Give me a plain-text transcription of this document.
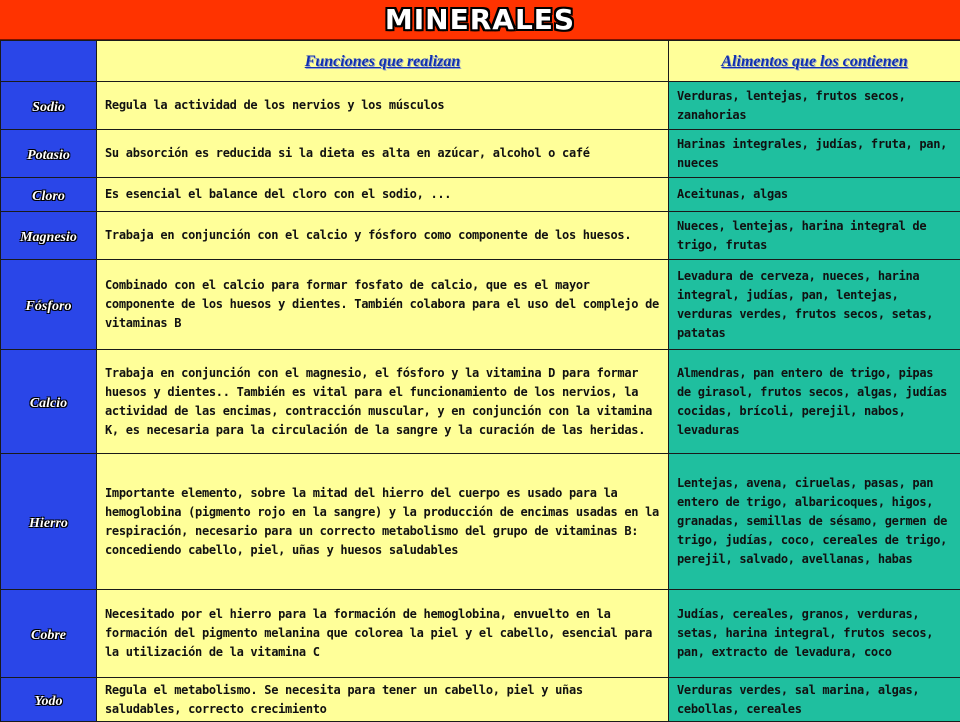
MINERALES
	Funciones que realizan	Alimentos que los contienen
Sodio	Regula la actividad de los nervios y los músculos	Verduras, lentejas, frutos secos, zanahorias

Potasio	Su absorción es reducida si la dieta es alta en azúcar, alcohol o café	Harinas integrales, judías, fruta, pan, nueces

Cloro	Es esencial el balance del cloro con el sodio, ...	Aceitunas, algas

Magnesio	Trabaja en conjunción con el calcio y fósforo como componente de los huesos.	Nueces, lentejas, harina integral de trigo, frutas

Fósforo	Combinado con el calcio para formar fosfato de calcio, que es el mayor componente de los huesos y dientes. También colabora para el uso del complejo de vitaminas B	Levadura de cerveza, nueces, harina integral, judías, pan, lentejas, verduras verdes, frutos secos, setas, patatas

Calcio	Trabaja en conjunción con el magnesio, el fósforo y la vitamina D para formar huesos y dientes.. También es vital para el funcionamiento de los nervios, la actividad de las encimas, contracción muscular, y en conjunción con la vitamina K, es necesaria para la circulación de la sangre y la curación de las heridas.	Almendras, pan entero de trigo, pipas de girasol, frutos secos, algas, judías cocidas, brícoli, perejil, nabos, levaduras

Hierro	Importante elemento, sobre la mitad del hierro del cuerpo es usado para la hemoglobina (pigmento rojo en la sangre) y la producción de encimas usadas en la respiración, necesario para un correcto metabolismo del grupo de vitaminas B: concediendo cabello, piel, uñas y huesos saludables	Lentejas, avena, ciruelas, pasas, pan entero de trigo, albaricoques, higos, granadas, semillas de sésamo, germen de trigo, judías, coco, cereales de trigo, perejil, salvado, avellanas, habas

Cobre	Necesitado por el hierro para la formación de hemoglobina, envuelto en la formación del pigmento melanina que colorea la piel y el cabello, esencial para la utilización de la vitamina C	Judías, cereales, granos, verduras, setas, harina integral, frutos secos, pan, extracto de levadura, coco

Yodo	Regula el metabolismo. Se necesita para tener un cabello, piel y uñas saludables, correcto crecimiento	Verduras verdes, sal marina, algas, cebollas, cereales
